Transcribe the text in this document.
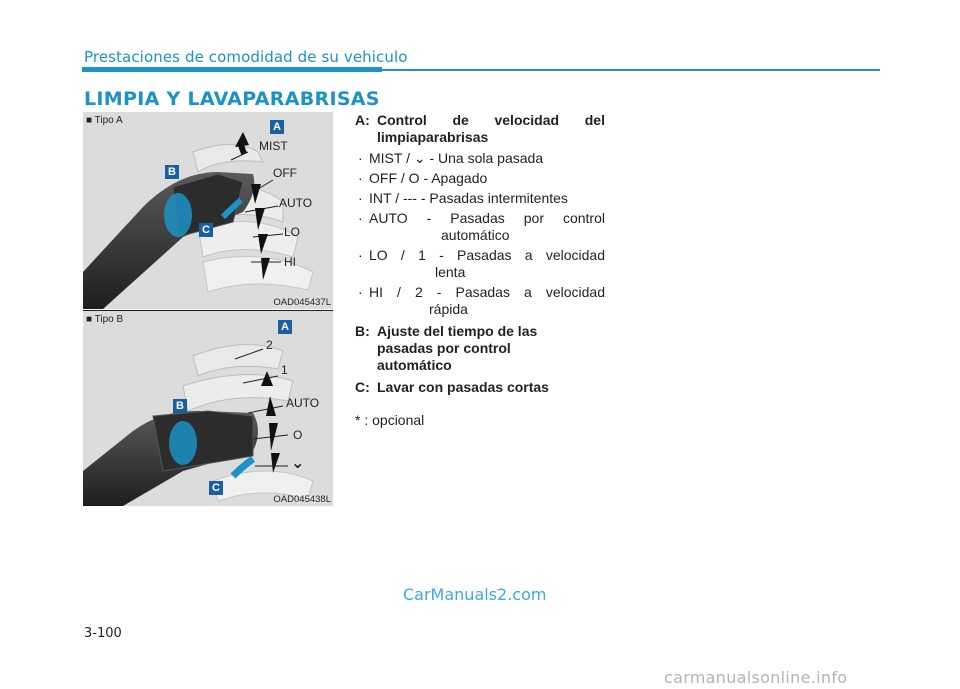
Prestaciones de comodidad de su vehiculo
LIMPIA Y LAVAPARABRISAS
■ Tipo A
A
B
C
MIST
OFF
AUTO
LO
HI
OAD045437L
■ Tipo B
A
B
C
2
1
AUTO
O
⌄
OAD045438L
A: Control de velocidad del
limpiaparabrisas
· MIST / ⌄ - Una sola pasada
· OFF / O - Apagado
· INT / --- - Pasadas intermitentes
· AUTO - Pasadas por control
automático
· LO / 1 - Pasadas a velocidad
lenta
· HI / 2 - Pasadas a velocidad
rápida
B: Ajuste del tiempo de las
pasadas por control
automático
C: Lavar con pasadas cortas
* : opcional
CarManuals2.com
3-100
carmanualsonline.info
